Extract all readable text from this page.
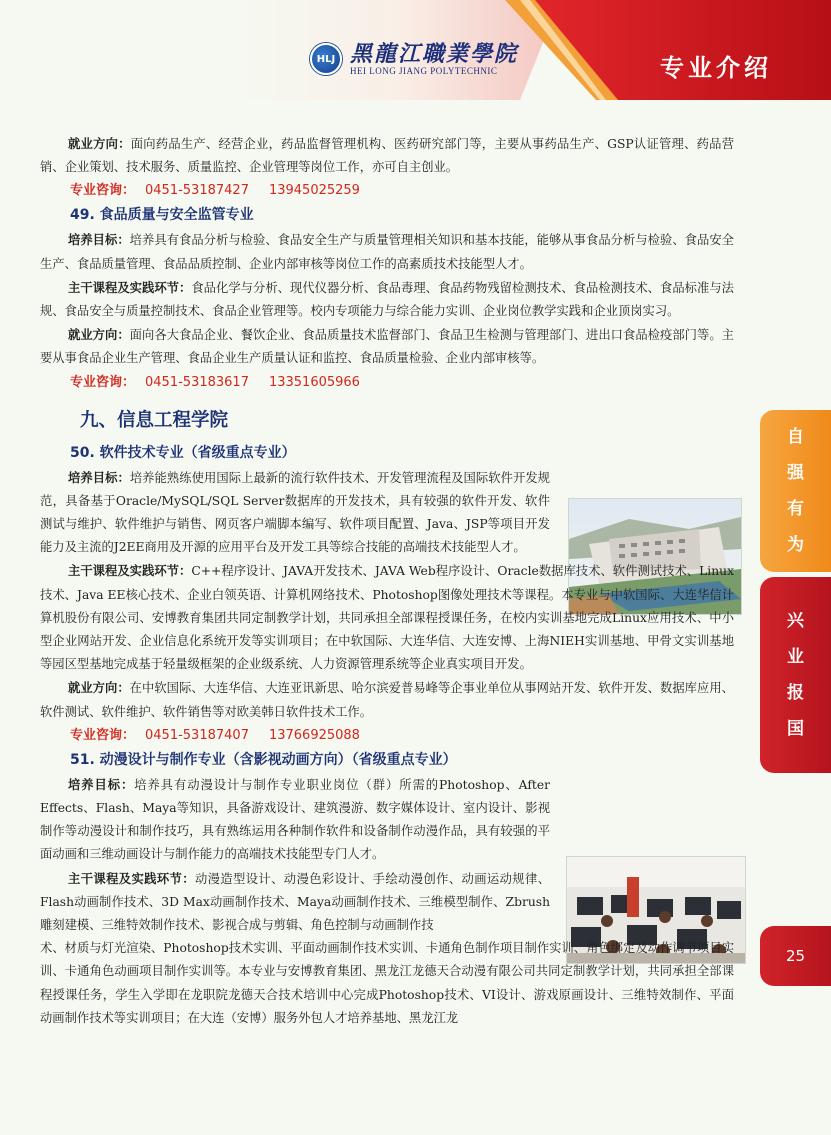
HLJ 黑龍江職業學院
HEI LONG JIANG POLYTECHNIC	专业介绍
自
强
有
为
兴
业
报
国
25

就业方向：面向药品生产、经营企业，药品监督管理机构、医药研究部门等，主要从事药品生产、GSP认证管理、药品营销、企业策划、技术服务、质量监控、企业管理等岗位工作，亦可自主创业。

专业咨询： 0451-53187427 13945025259

49. 食品质量与安全监管专业

培养目标：培养具有食品分析与检验、食品安全生产与质量管理相关知识和基本技能，能够从事食品分析与检验、食品安全生产、食品质量管理、食品品质控制、企业内部审核等岗位工作的高素质技术技能型人才。

主干课程及实践环节：食品化学与分析、现代仪器分析、食品毒理、食品药物残留检测技术、食品检测技术、食品标准与法规、食品安全与质量控制技术、食品企业管理等。校内专项能力与综合能力实训、企业岗位教学实践和企业顶岗实习。

就业方向：面向各大食品企业、餐饮企业、食品质量技术监督部门、食品卫生检测与管理部门、进出口食品检疫部门等。主要从事食品企业生产管理、食品企业生产质量认证和监控、食品质量检验、企业内部审核等。

专业咨询： 0451-53183617 13351605966

九、信息工程学院

50. 软件技术专业（省级重点专业）

培养目标：培养能熟练使用国际上最新的流行软件技术、开发管理流程及国际软件开发规范，具备基于Oracle/MySQL/SQL Server数据库的开发技术，具有较强的软件开发、软件测试与维护、软件维护与销售、网页客户端脚本编写、软件项目配置、Java、JSP等项目开发能力及主流的J2EE商用及开源的应用平台及开发工具等综合技能的高端技术技能型人才。

主干课程及实践环节：C++程序设计、JAVA开发技术、JAVA Web程序设计、Oracle数据库技术、软件测试技术、Linux技术、Java EE核心技术、企业白领英语、计算机网络技术、Photoshop图像处理技术等课程。本专业与中软国际、大连华信计算机股份有限公司、安博教育集团共同定制教学计划，共同承担全部课程授课任务，在校内实训基地完成Linux应用技术、中小型企业网站开发、企业信息化系统开发等实训项目；在中软国际、大连华信、大连安博、上海NIEH实训基地、甲骨文实训基地等园区型基地完成基于轻量级框架的企业级系统、人力资源管理系统等企业真实项目开发。

就业方向：在中软国际、大连华信、大连亚讯新思、哈尔滨爱普易峰等企事业单位从事网站开发、软件开发、数据库应用、软件测试、软件维护、软件销售等对欧美韩日软件技术工作。

专业咨询： 0451-53187407 13766925088

51. 动漫设计与制作专业（含影视动画方向）（省级重点专业）

培养目标：培养具有动漫设计与制作专业职业岗位（群）所需的Photoshop、After Effects、Flash、Maya等知识，具备游戏设计、建筑漫游、数字媒体设计、室内设计、影视制作等动漫设计和制作技巧，具有熟练运用各种制作软件和设备制作动漫作品，具有较强的平面动画和三维动画设计与制作能力的高端技术技能型专门人才。

主干课程及实践环节：动漫造型设计、动漫色彩设计、手绘动漫创作、动画运动规律、Flash动画制作技术、3D Max动画制作技术、Maya动画制作技术、三维模型制作、Zbrush雕刻建模、三维特效制作技术、影视合成与剪辑、角色控制与动画制作技

术、材质与灯光渲染、Photoshop技术实训、平面动画制作技术实训、卡通角色制作项目制作实训、角色绑定及动作调节项目实训、卡通角色动画项目制作实训等。本专业与安博教育集团、黑龙江龙德天合动漫有限公司共同定制教学计划，共同承担全部课程授课任务，学生入学即在龙职院龙德天合技术培训中心完成Photoshop技术、VI设计、游戏原画设计、三维特效制作、平面动画制作技术等实训项目；在大连（安博）服务外包人才培养基地、黑龙江龙
